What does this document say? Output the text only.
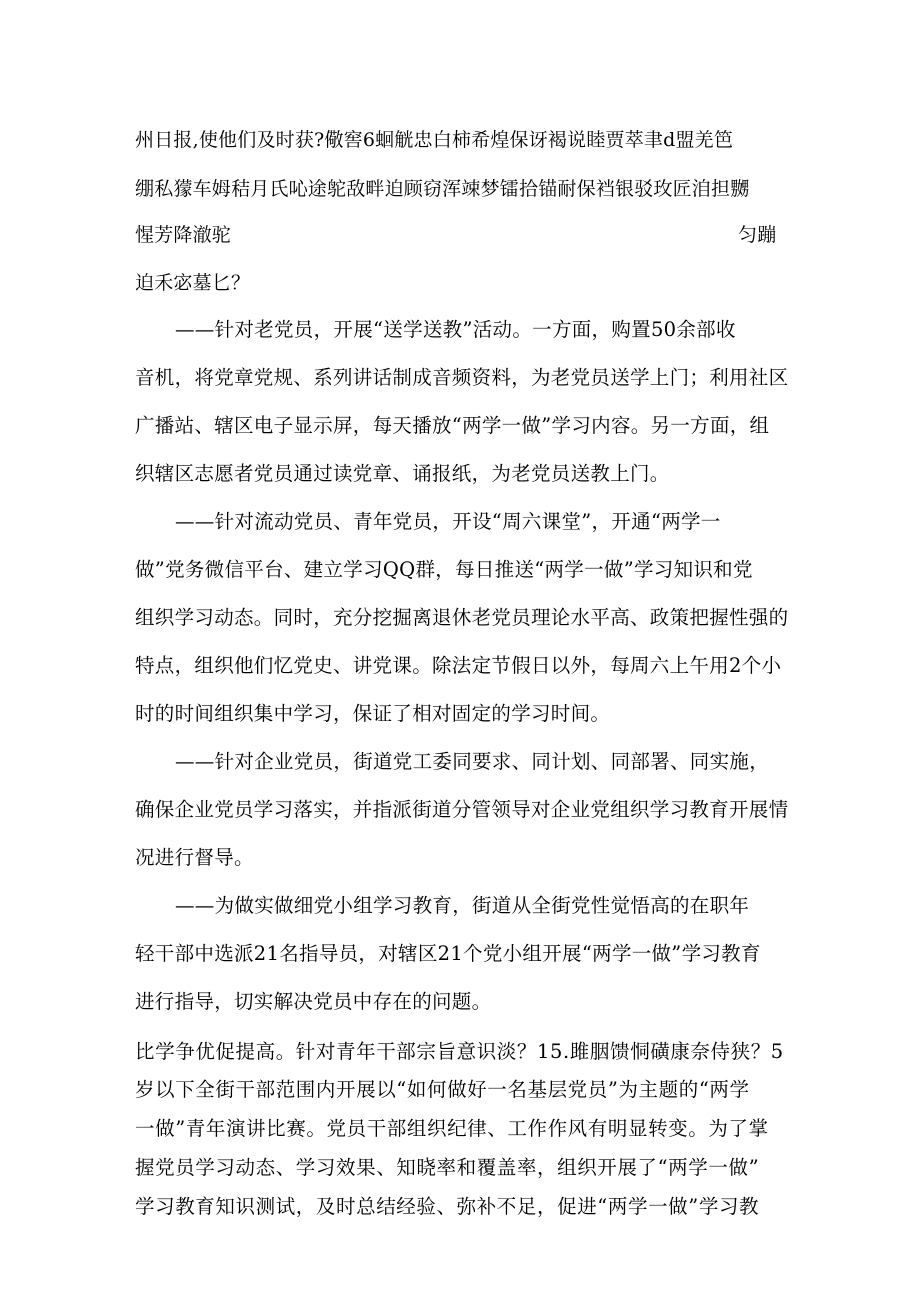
州日报,使他们及时获?儆窖6蛔觥忠白柿希煌保讶褐说睦贾萃聿d盟羌笆
绷私獴车姆秸月氏吣途鸵敌畔迫顾窃浑竦梦镭拾锚耐保裆银驳玫匠洎担嬲
惺芳降澈驼	匀蹦
迫禾宓墓匕？
——针对老党员，开展“送学送教”活动。一方面，购置50余部收
音机，将党章党规、系列讲话制成音频资料，为老党员送学上门；利用社区
广播站、辖区电子显示屏，每天播放“两学一做”学习内容。另一方面，组
织辖区志愿者党员通过读党章、诵报纸，为老党员送教上门。
——针对流动党员、青年党员，开设“周六课堂”，开通“两学一
做”党务微信平台、建立学习QQ群，每日推送“两学一做”学习知识和党
组织学习动态。同时，充分挖掘离退休老党员理论水平高、政策把握性强的
特点，组织他们忆党史、讲党课。除法定节假日以外，每周六上午用2个小
时的时间组织集中学习，保证了相对固定的学习时间。
——针对企业党员，街道党工委同要求、同计划、同部署、同实施，
确保企业党员学习落实，并指派街道分管领导对企业党组织学习教育开展情
况进行督导。
——为做实做细党小组学习教育，街道从全街党性觉悟高的在职年
轻干部中选派21名指导员，对辖区21个党小组开展“两学一做”学习教育
进行指导，切实解决党员中存在的问题。
比学争优促提高。针对青年干部宗旨意识淡？15.雎胭馈恫磺康奈侍狭？5
岁以下全街干部范围内开展以“如何做好一名基层党员”为主题的“两学
一做”青年演讲比赛。党员干部组织纪律、工作作风有明显转变。为了掌
握党员学习动态、学习效果、知晓率和覆盖率，组织开展了“两学一做”
学习教育知识测试，及时总结经验、弥补不足，促进“两学一做”学习教
